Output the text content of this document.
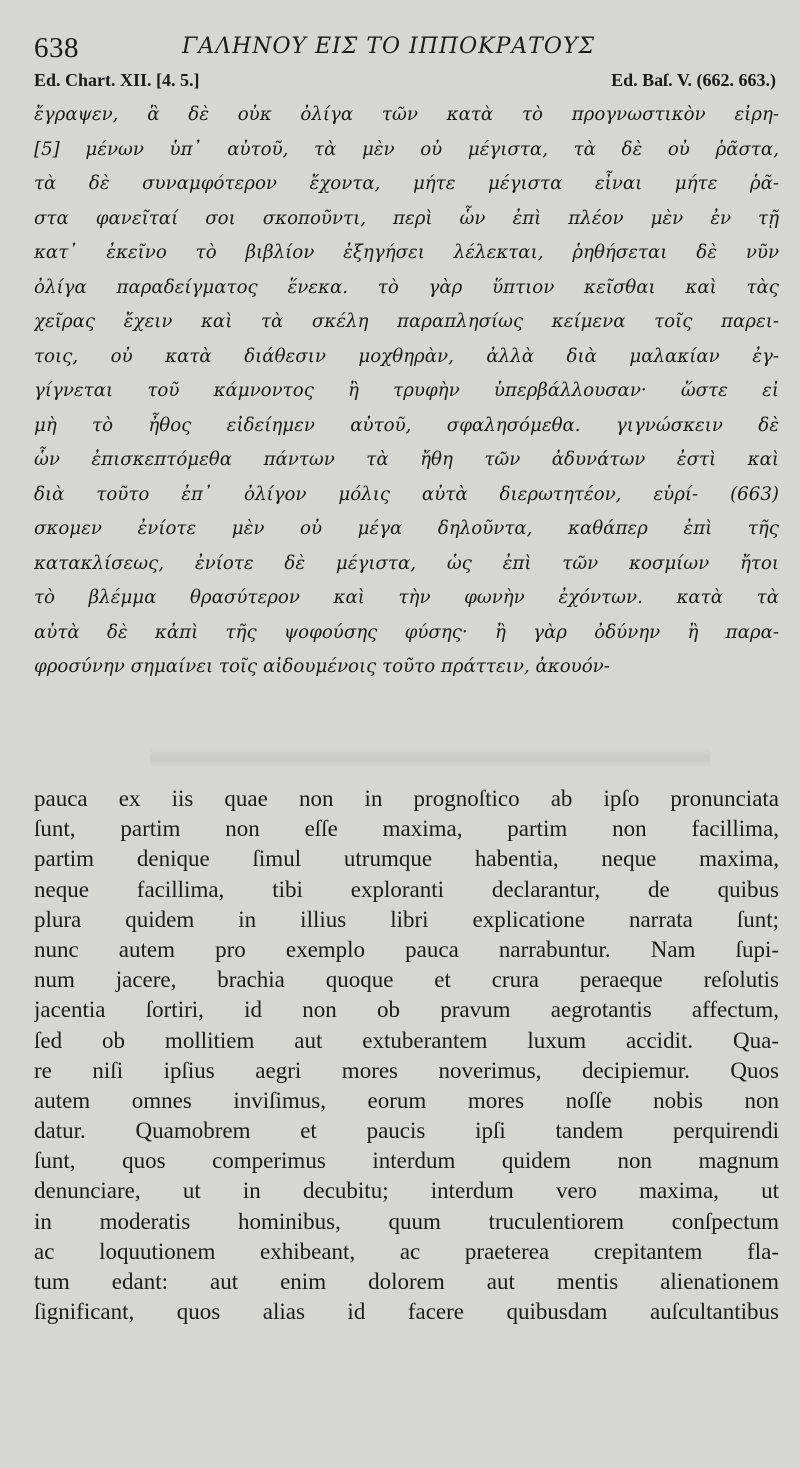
638	ΓΑΛΗΝΟΥ ΕΙΣ ΤΟ ΙΠΠΟΚΡΑΤΟΥΣ
Ed. Chart. XII. [4. 5.]	Ed. Baſ. V. (662. 663.)
ἔγραψεν, ἃ δὲ οὐκ ὀλίγα τῶν κατὰ τὸ προγνωστικὸν εἰρη-
[5] μένων ὑπ᾽ αὐτοῦ, τὰ μὲν οὐ μέγιστα, τὰ δὲ οὐ ῥᾶστα,
τὰ δὲ συναμφότερον ἔχοντα, μήτε μέγιστα εἶναι μήτε ῥᾶ-
στα φανεῖταί σοι σκοποῦντι, περὶ ὧν ἐπὶ πλέον μὲν ἐν τῇ
κατ᾽ ἐκεῖνο τὸ βιβλίον ἐξηγήσει λέλεκται, ῥηθήσεται δὲ νῦν
ὀλίγα παραδείγματος ἕνεκα. τὸ γὰρ ὕπτιον κεῖσθαι καὶ τὰς
χεῖρας ἔχειν καὶ τὰ σκέλη παραπλησίως κείμενα τοῖς παρει-
τοις, οὐ κατὰ διάθεσιν μοχθηρὰν, ἀλλὰ διὰ μαλακίαν ἐγ-
γίγνεται τοῦ κάμνοντος ἢ τρυφὴν ὑπερβάλλουσαν· ὥστε εἰ
μὴ τὸ ἦθος εἰδείημεν αὐτοῦ, σφαλησόμεθα. γιγνώσκειν δὲ
ὧν ἐπισκεπτόμεθα πάντων τὰ ἤθη τῶν ἀδυνάτων ἐστὶ καὶ
διὰ τοῦτο ἐπ᾽ ὀλίγον μόλις αὐτὰ διερωτητέον, εὑρί- (663)
σκομεν ἐνίοτε μὲν οὐ μέγα δηλοῦντα, καθάπερ ἐπὶ τῆς
κατακλίσεως, ἐνίοτε δὲ μέγιστα, ὡς ἐπὶ τῶν κοσμίων ἤτοι
τὸ βλέμμα θρασύτερον καὶ τὴν φωνὴν ἐχόντων. κατὰ τὰ
αὐτὰ δὲ κἀπὶ τῆς ψοφούσης φύσης· ἢ γὰρ ὀδύνην ἢ παρα-
φροσύνην σημαίνει τοῖς αἰδουμένοις τοῦτο πράττειν, ἀκουόν-
pauca ex iis quae non in prognoſtico ab ipſo pronunciata
ſunt, partim non eſſe maxima, partim non facillima,
partim denique ſimul utrumque habentia, neque maxima,
neque facillima, tibi exploranti declarantur, de quibus
plura quidem in illius libri explicatione narrata ſunt;
nunc autem pro exemplo pauca narrabuntur. Nam ſupi-
num jacere, brachia quoque et crura peraeque reſolutis
jacentia ſortiri, id non ob pravum aegrotantis affectum,
ſed ob mollitiem aut extuberantem luxum accidit. Qua-
re niſi ipſius aegri mores noverimus, decipiemur. Quos
autem omnes inviſimus, eorum mores noſſe nobis non
datur. Quamobrem et paucis ipſi tandem perquirendi
ſunt, quos comperimus interdum quidem non magnum
denunciare, ut in decubitu; interdum vero maxima, ut
in moderatis hominibus, quum truculentiorem conſpectum
ac loquutionem exhibeant, ac praeterea crepitantem fla-
tum edant: aut enim dolorem aut mentis alienationem
ſignificant, quos alias id facere quibusdam auſcultantibus
